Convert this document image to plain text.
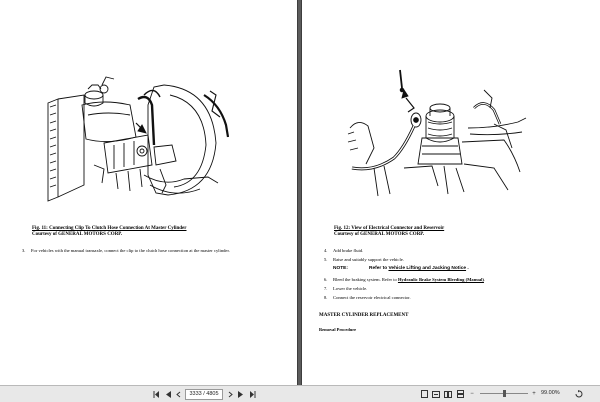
Fig. 11: Connecting Clip To Clutch Hose Connection At Master Cylinder
Courtesy of GENERAL MOTORS CORP.
3. For vehicles with the manual transaxle, connect the clip to the clutch hose connection at the master cylinder.
Fig. 12: View of Electrical Connector and Reservoir
Courtesy of GENERAL MOTORS CORP.
4. Add brake fluid.
5. Raise and suitably support the vehicle.
NOTE:	Refer to Vehicle Lifting and Jacking Notice .
6. Bleed the braking system. Refer to Hydraulic Brake System Bleeding (Manual).
7. Lower the vehicle.
8. Connect the reservoir electrical connector.
MASTER CYLINDER REPLACEMENT
Removal Procedure
3333 / 4805	−	+ 99.00%
